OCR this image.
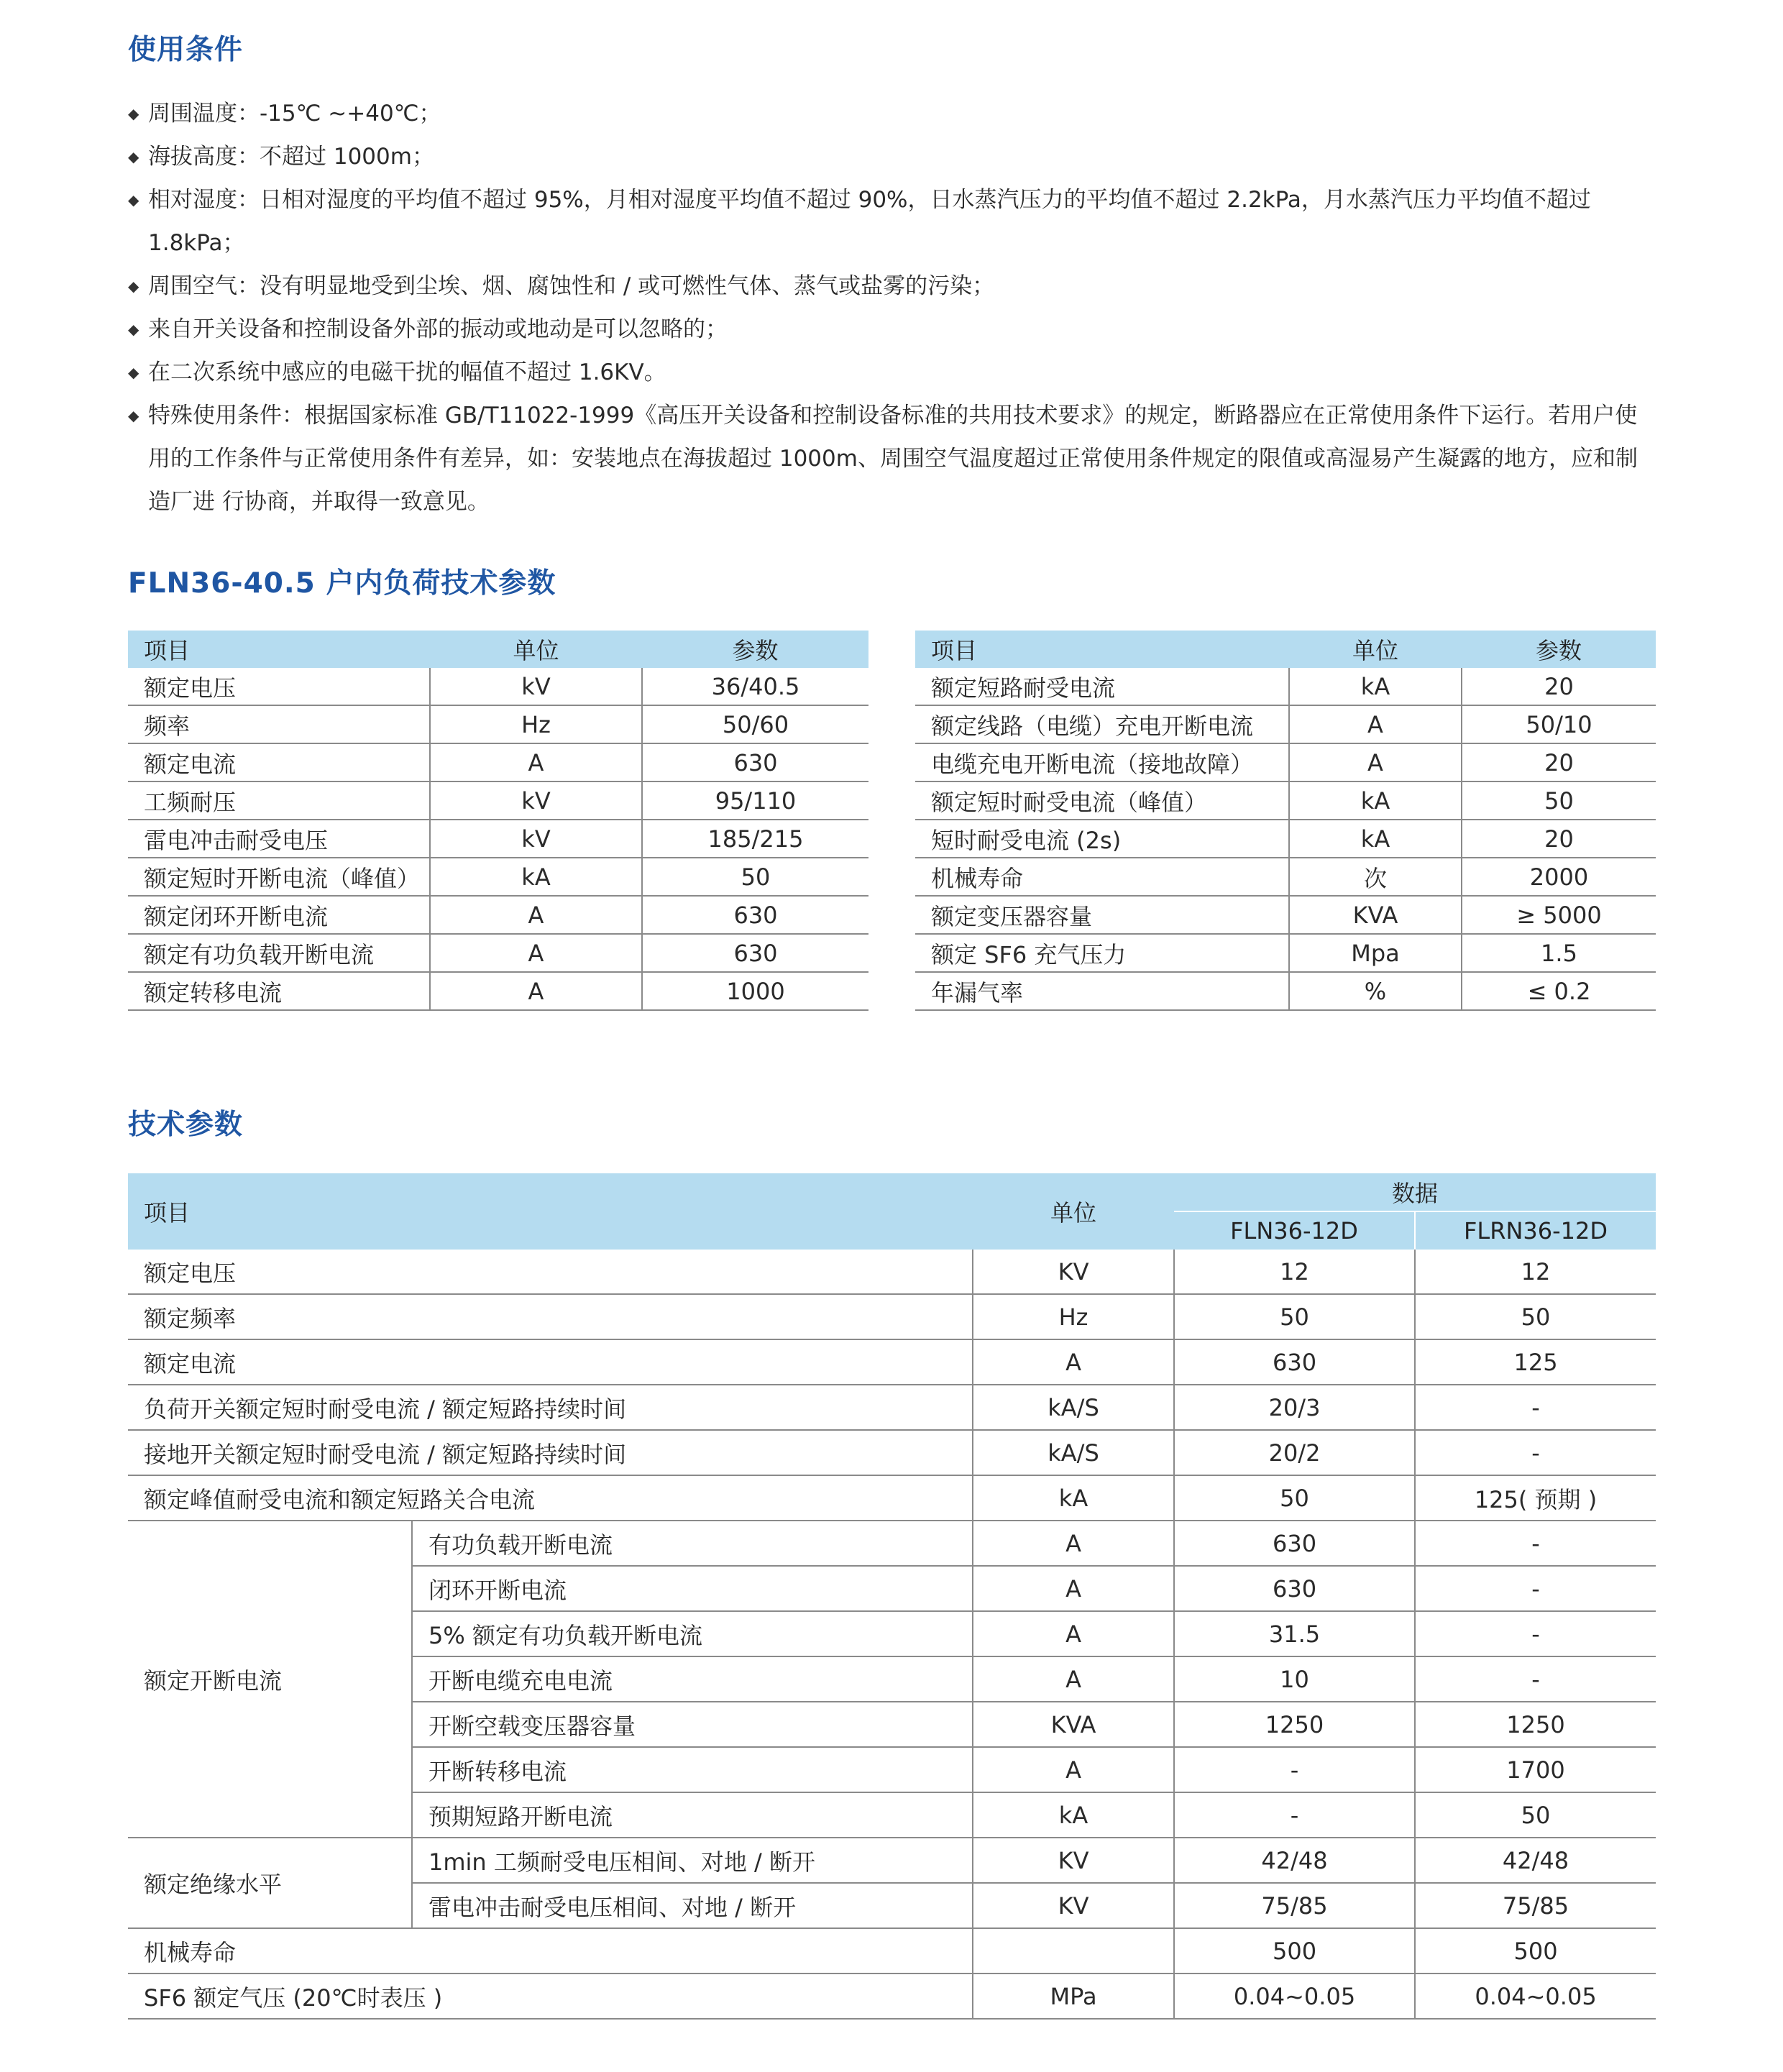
使用条件
◆ 周围温度：-15℃ ~+40℃；
◆ 海拔高度：不超过 1000m；
◆ 相对湿度：日相对湿度的平均值不超过 95%，月相对湿度平均值不超过 90%，日水蒸汽压力的平均值不超过 2.2kPa，月水蒸汽压力平均值不超过 1.8kPa；
◆ 周围空气：没有明显地受到尘埃、烟、腐蚀性和 / 或可燃性气体、蒸气或盐雾的污染；
◆ 来自开关设备和控制设备外部的振动或地动是可以忽略的；
◆ 在二次系统中感应的电磁干扰的幅值不超过 1.6KV。
◆ 特殊使用条件：根据国家标准 GB/T11022-1999《高压开关设备和控制设备标准的共用技术要求》的规定，断路器应在正常使用条件下运行。若用户使用的工作条件与正常使用条件有差异，如：安装地点在海拔超过 1000m、周围空气温度超过正常使用条件规定的限值或高湿易产生凝露的地方，应和制造厂进 行协商，并取得一致意见。
FLN36-40.5 户内负荷技术参数
项目	单位	参数
额定电压	kV	36/40.5
频率	Hz	50/60
额定电流	A	630
工频耐压	kV	95/110
雷电冲击耐受电压	kV	185/215
额定短时开断电流（峰值）	kA	50
额定闭环开断电流	A	630
额定有功负载开断电流	A	630
额定转移电流	A	1000
项目	单位	参数
额定短路耐受电流	kA	20
额定线路（电缆）充电开断电流	A	50/10
电缆充电开断电流（接地故障）	A	20
额定短时耐受电流（峰值）	kA	50
短时耐受电流 (2s)	kA	20
机械寿命	次	2000
额定变压器容量	KVA	≥ 5000
额定 SF6 充气压力	Mpa	1.5
年漏气率	%	≤ 0.2
技术参数
项目		单位	数据	
			FLN36-12D	FLRN36-12D
额定电压		KV	12	12
额定频率		Hz	50	50
额定电流		A	630	125
负荷开关额定短时耐受电流 / 额定短路持续时间		kA/S	20/3	-
接地开关额定短时耐受电流 / 额定短路持续时间		kA/S	20/2	-
额定峰值耐受电流和额定短路关合电流		kA	50	125( 预期 )
额定开断电流	有功负载开断电流	A	630	-
	闭环开断电流	A	630	-
	5% 额定有功负载开断电流	A	31.5	-
	开断电缆充电电流	A	10	-
	开断空载变压器容量	KVA	1250	1250
	开断转移电流	A	-	1700
	预期短路开断电流	kA	-	50
额定绝缘水平	1min 工频耐受电压相间、对地 / 断开	KV	42/48	42/48
	雷电冲击耐受电压相间、对地 / 断开	KV	75/85	75/85
机械寿命			500	500
SF6 额定气压 (20℃时表压 )		MPa	0.04~0.05	0.04~0.05
